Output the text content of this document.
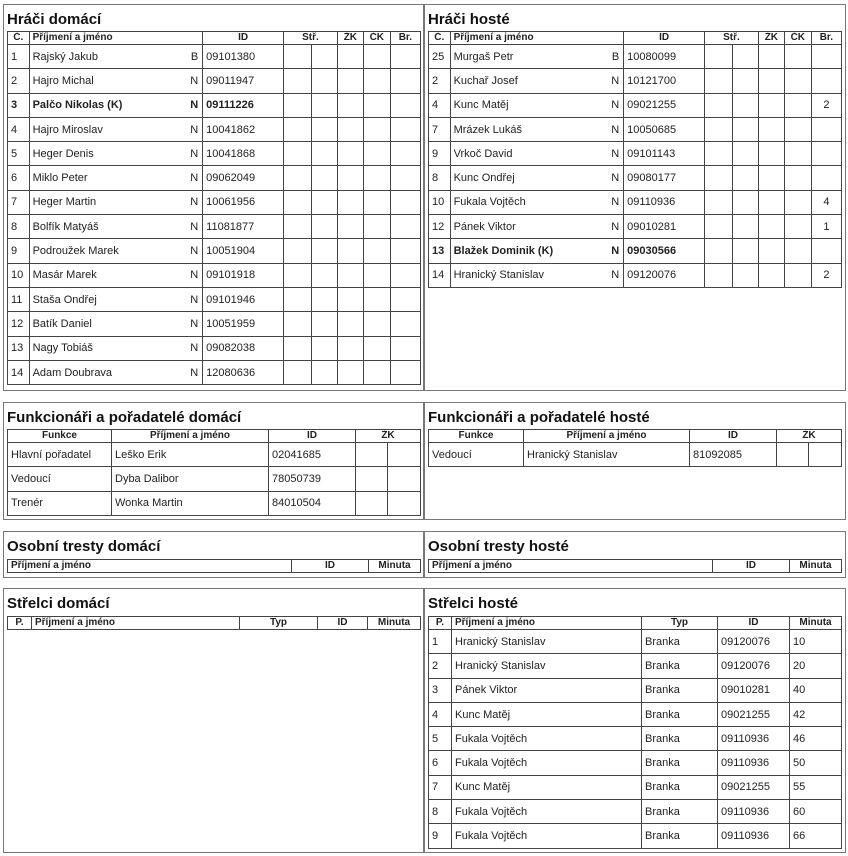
Hráči domácí
Č.	Příjmení a jméno	ID	Stř.		ŽK	ČK	Br.
1	Rajský Jakub B	09101380					
2	Hajro Michal N	09011947					
3	Palčo Nikolas (K) N	09111226					
4	Hajro Miroslav N	10041862					
5	Heger Denis N	10041868					
6	Miklo Peter N	09062049					
7	Heger Martin N	10061956					
8	Bolfík Matyáš N	11081877					
9	Podroužek Marek N	10051904					
10	Masár Marek N	09101918					
11	Staša Ondřej N	09101946					
12	Batík Daniel N	10051959					
13	Nagy Tobiáš N	09082038					
14	Adam Doubrava N	12080636					
Hráči hosté
Č.	Příjmení a jméno	ID	Stř.		ŽK	ČK	Br.
25	Murgaš Petr B	10080099					
2	Kuchař Josef N	10121700					
4	Kunc Matěj N	09021255					2
7	Mrázek Lukáš N	10050685					
9	Vrkoč David N	09101143					
8	Kunc Ondřej N	09080177					
10	Fukala Vojtěch N	09110936					4
12	Pánek Viktor N	09010281					1
13	Blažek Dominik (K) N	09030566					
14	Hranický Stanislav N	09120076					2
Funkcionáři a pořadatelé domácí
Funkce	Příjmení a jméno	ID	ŽK	
Hlavní pořadatel	Leško Erik	02041685		
Vedoucí	Dyba Dalibor	78050739		
Trenér	Wonka Martin	84010504		
Funkcionáři a pořadatelé hosté
Funkce	Příjmení a jméno	ID	ŽK	
Vedoucí	Hranický Stanislav	81092085		
Osobní tresty domácí
Příjmení a jméno	ID	Minuta
Osobní tresty hosté
Příjmení a jméno	ID	Minuta
Střelci domácí
P.	Příjmení a jméno	Typ	ID	Minuta
Střelci hosté
P.	Příjmení a jméno	Typ	ID	Minuta
1	Hranický Stanislav	Branka	09120076	10
2	Hranický Stanislav	Branka	09120076	20
3	Pánek Viktor	Branka	09010281	40
4	Kunc Matěj	Branka	09021255	42
5	Fukala Vojtěch	Branka	09110936	46
6	Fukala Vojtěch	Branka	09110936	50
7	Kunc Matěj	Branka	09021255	55
8	Fukala Vojtěch	Branka	09110936	60
9	Fukala Vojtěch	Branka	09110936	66
